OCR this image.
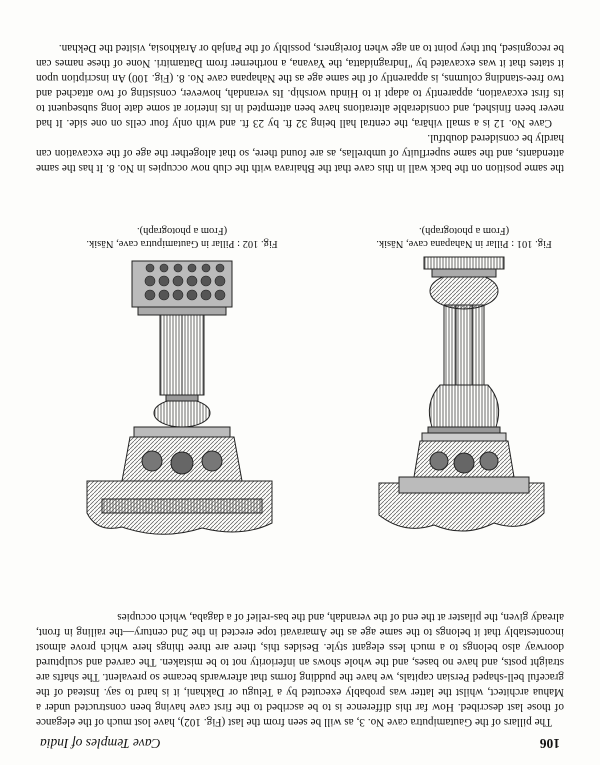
106
Cave Temples of India

The pillars of the Gautamiputra cave No. 3, as will be seen from the last (Fig. 102), have lost much of the elegance of those last described. How far this difference is to be ascribed to the first cave having been constructed under a Mahua architect, whilst the latter was probably executed by a Telugu or Dakhani, it is hard to say. Instead of the graceful bell-shaped Persian capitals, we have the pudding forms that afterwards became so prevalent. The shafts are straight posts, and have no bases, and the whole shows an inferiority not to be mistaken. The carved and sculptured doorway also belongs to a much less elegant style. Besides this, there are three things here which prove almost incontestably that it belongs to the same age as the Amaravati tope erected in the 2nd century—the railing in front, already given, the pilaster at the end of the verandah, and the bas-relief of a dagaba, which occupies

Fig. 101 : Pillar in Nahapana cave, Nāsik.
(From a photograph).
Fig. 102 : Pillar in Gautamiputra cave, Nāsik.
(From a photograph).

the same position on the back wall in this cave that the Bhairava with the club now occupies in No. 8. It has the same attendants, and the same superfluity of umbrellas, as are found there, so that altogether the age of the excavation can hardly be considered doubtful.

Cave No. 12 is a small vihāra, the central hall being 32 ft. by 23 ft. and with only four cells on one side. It had never been finished, and considerable alterations have been attempted in its interior at some date long subsequent to its first excavation, apparently to adapt it to Hindu worship. Its verandah, however, consisting of two attached and two free-standing columns, is apparently of the same age as the Nahapana cave No. 8. (Fig. 100) An inscription upon it states that it was excavated by "Indragnidatta, the Yavana, a northerner from Dattamitri. None of these names can be recognised, but they point to an age when foreigners, possibly of the Panjab or Arakhosia, visited the Dekhan.
